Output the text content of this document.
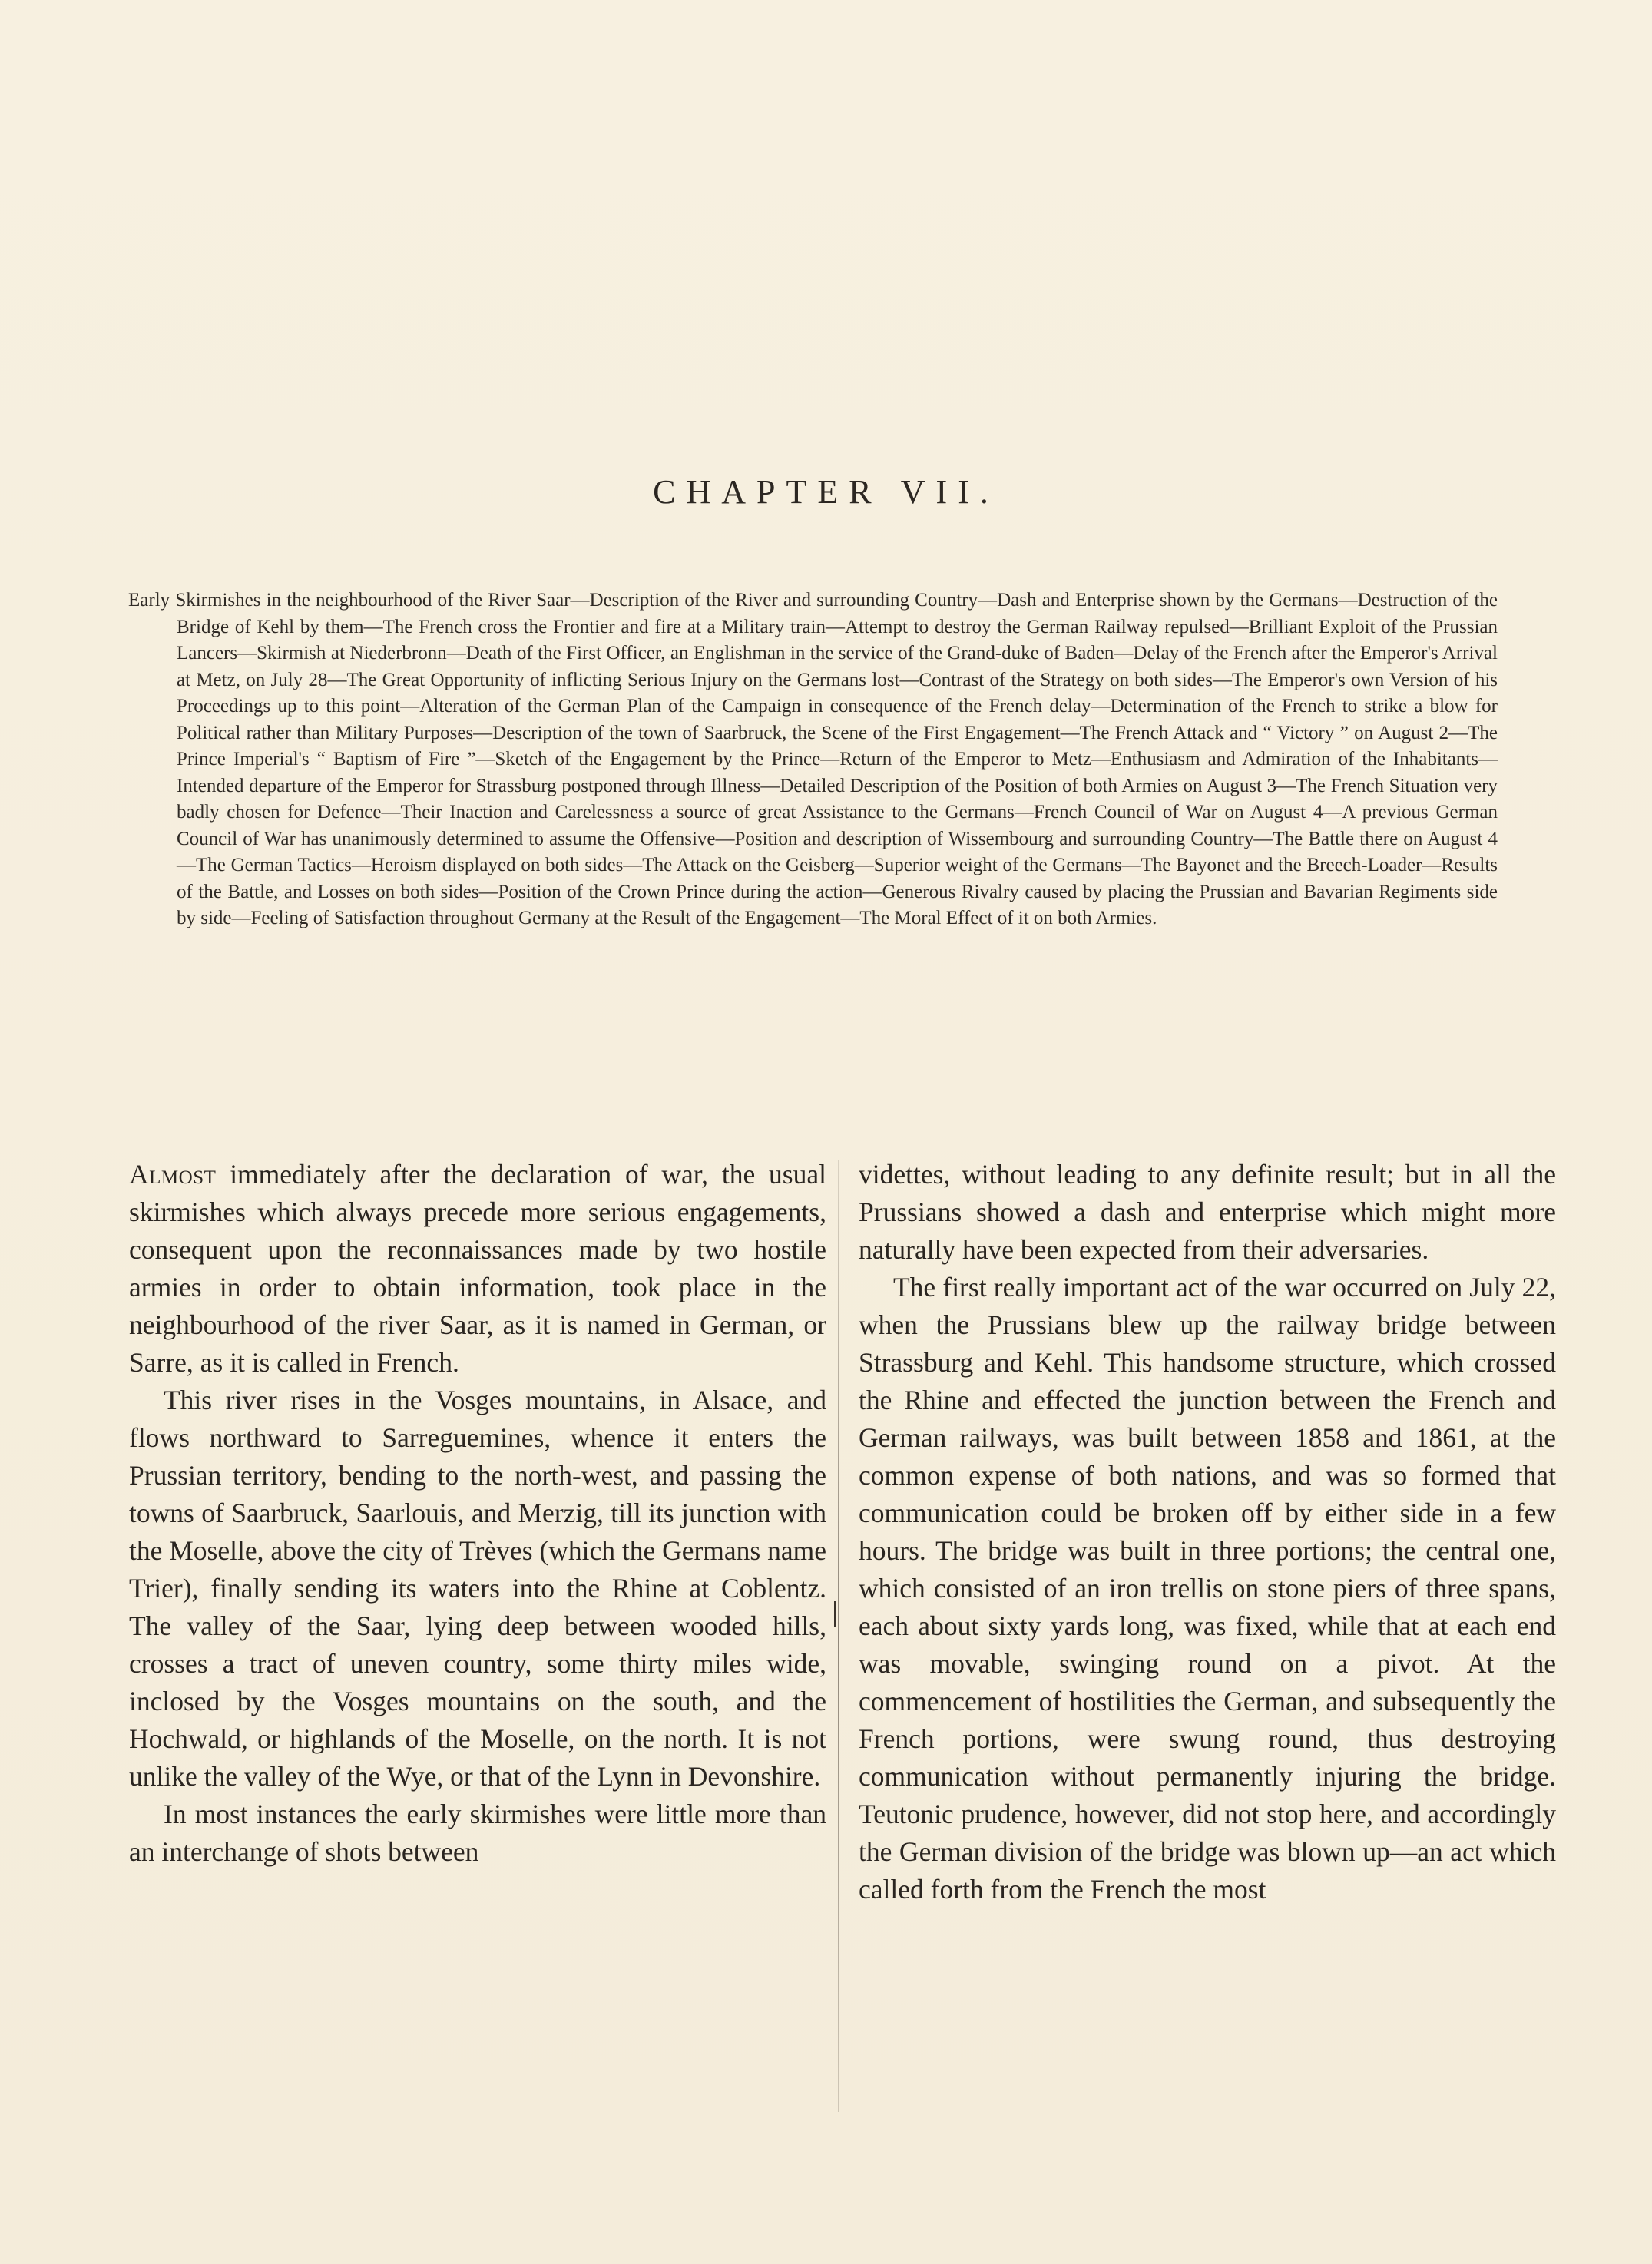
CHAPTER VII.

Early Skirmishes in the neighbourhood of the River Saar—Description of the River and surrounding Country—Dash and Enterprise shown by the Germans—Destruction of the Bridge of Kehl by them—The French cross the Frontier and fire at a Military train—Attempt to destroy the German Railway repulsed—Brilliant Exploit of the Prussian Lancers—Skirmish at Niederbronn—Death of the First Officer, an Englishman in the service of the Grand-duke of Baden—Delay of the French after the Emperor's Arrival at Metz, on July 28—The Great Opportunity of inflicting Serious Injury on the Germans lost—Contrast of the Strategy on both sides—The Emperor's own Version of his Proceedings up to this point—Alteration of the German Plan of the Campaign in consequence of the French delay—Determination of the French to strike a blow for Political rather than Military Purposes—Description of the town of Saarbruck, the Scene of the First Engagement—The French Attack and “ Victory ” on August 2—The Prince Imperial's “ Baptism of Fire ”—Sketch of the Engagement by the Prince—Return of the Emperor to Metz—Enthusiasm and Admiration of the Inhabitants—Intended departure of the Emperor for Strassburg postponed through Illness—Detailed Description of the Position of both Armies on August 3—The French Situation very badly chosen for Defence—Their Inaction and Carelessness a source of great Assistance to the Germans—French Council of War on August 4—A previous German Council of War has unanimously determined to assume the Offensive—Position and description of Wissembourg and surrounding Country—The Battle there on August 4—The German Tactics—Heroism displayed on both sides—The Attack on the Geisberg—Superior weight of the Germans—The Bayonet and the Breech-Loader—Results of the Battle, and Losses on both sides—Position of the Crown Prince during the action—Generous Rivalry caused by placing the Prussian and Bavarian Regiments side by side—Feeling of Satisfaction throughout Germany at the Result of the Engagement—The Moral Effect of it on both Armies.

Almost immediately after the declaration of war, the usual skirmishes which always precede more serious engagements, consequent upon the reconnaissances made by two hostile armies in order to obtain information, took place in the neighbourhood of the river Saar, as it is named in German, or Sarre, as it is called in French.

This river rises in the Vosges mountains, in Alsace, and flows northward to Sarreguemines, whence it enters the Prussian territory, bending to the north-west, and passing the towns of Saarbruck, Saarlouis, and Merzig, till its junction with the Moselle, above the city of Trèves (which the Germans name Trier), finally sending its waters into the Rhine at Coblentz. The valley of the Saar, lying deep between wooded hills, crosses a tract of uneven country, some thirty miles wide, inclosed by the Vosges mountains on the south, and the Hochwald, or highlands of the Moselle, on the north. It is not unlike the valley of the Wye, or that of the Lynn in Devonshire.

In most instances the early skirmishes were little more than an interchange of shots between

videttes, without leading to any definite result; but in all the Prussians showed a dash and enterprise which might more naturally have been expected from their adversaries.

The first really important act of the war occurred on July 22, when the Prussians blew up the railway bridge between Strassburg and Kehl. This handsome structure, which crossed the Rhine and effected the junction between the French and German railways, was built between 1858 and 1861, at the common expense of both nations, and was so formed that communication could be broken off by either side in a few hours. The bridge was built in three portions; the central one, which consisted of an iron trellis on stone piers of three spans, each about sixty yards long, was fixed, while that at each end was movable, swinging round on a pivot. At the commencement of hostilities the German, and subsequently the French portions, were swung round, thus destroying communication without permanently injuring the bridge. Teutonic prudence, however, did not stop here, and accordingly the German division of the bridge was blown up—an act which called forth from the French the most
